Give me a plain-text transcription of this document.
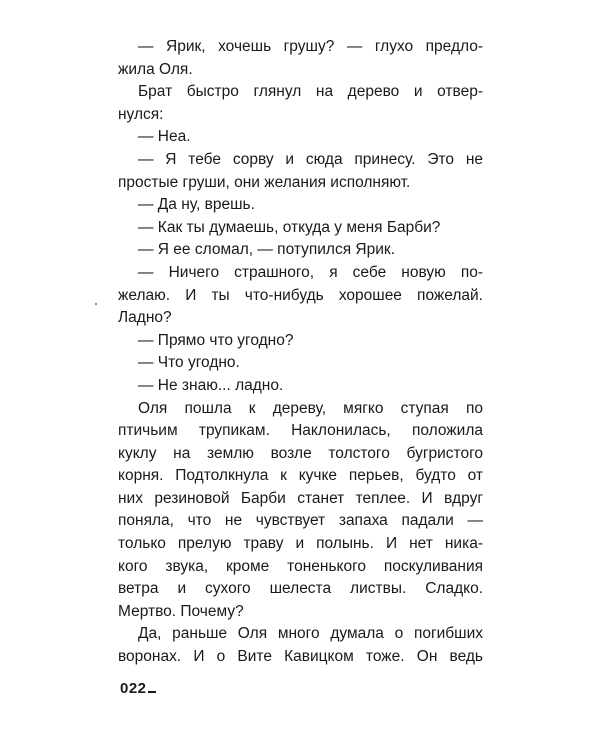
— Ярик, хочешь грушу? — глухо предло-
жила Оля.
Брат быстро глянул на дерево и отвер-
нулся:
— Неа.
— Я тебе сорву и сюда принесу. Это не
простые груши, они желания исполняют.
— Да ну, врешь.
— Как ты думаешь, откуда у меня Барби?
— Я ее сломал, — потупился Ярик.
— Ничего страшного, я себе новую по-
желаю. И ты что-нибудь хорошее пожелай.
Ладно?
— Прямо что угодно?
— Что угодно.
— Не знаю... ладно.
Оля пошла к дереву, мягко ступая по
птичьим трупикам. Наклонилась, положила
куклу на землю возле толстого бугристого
корня. Подтолкнула к кучке перьев, будто от
них резиновой Барби станет теплее. И вдруг
поняла, что не чувствует запаха падали —
только прелую траву и полынь. И нет ника-
кого звука, кроме тоненького поскуливания
ветра и сухого шелеста листвы. Сладко.
Мертво. Почему?
Да, раньше Оля много думала о погибших
воронах. И о Вите Кавицком тоже. Он ведь
022
